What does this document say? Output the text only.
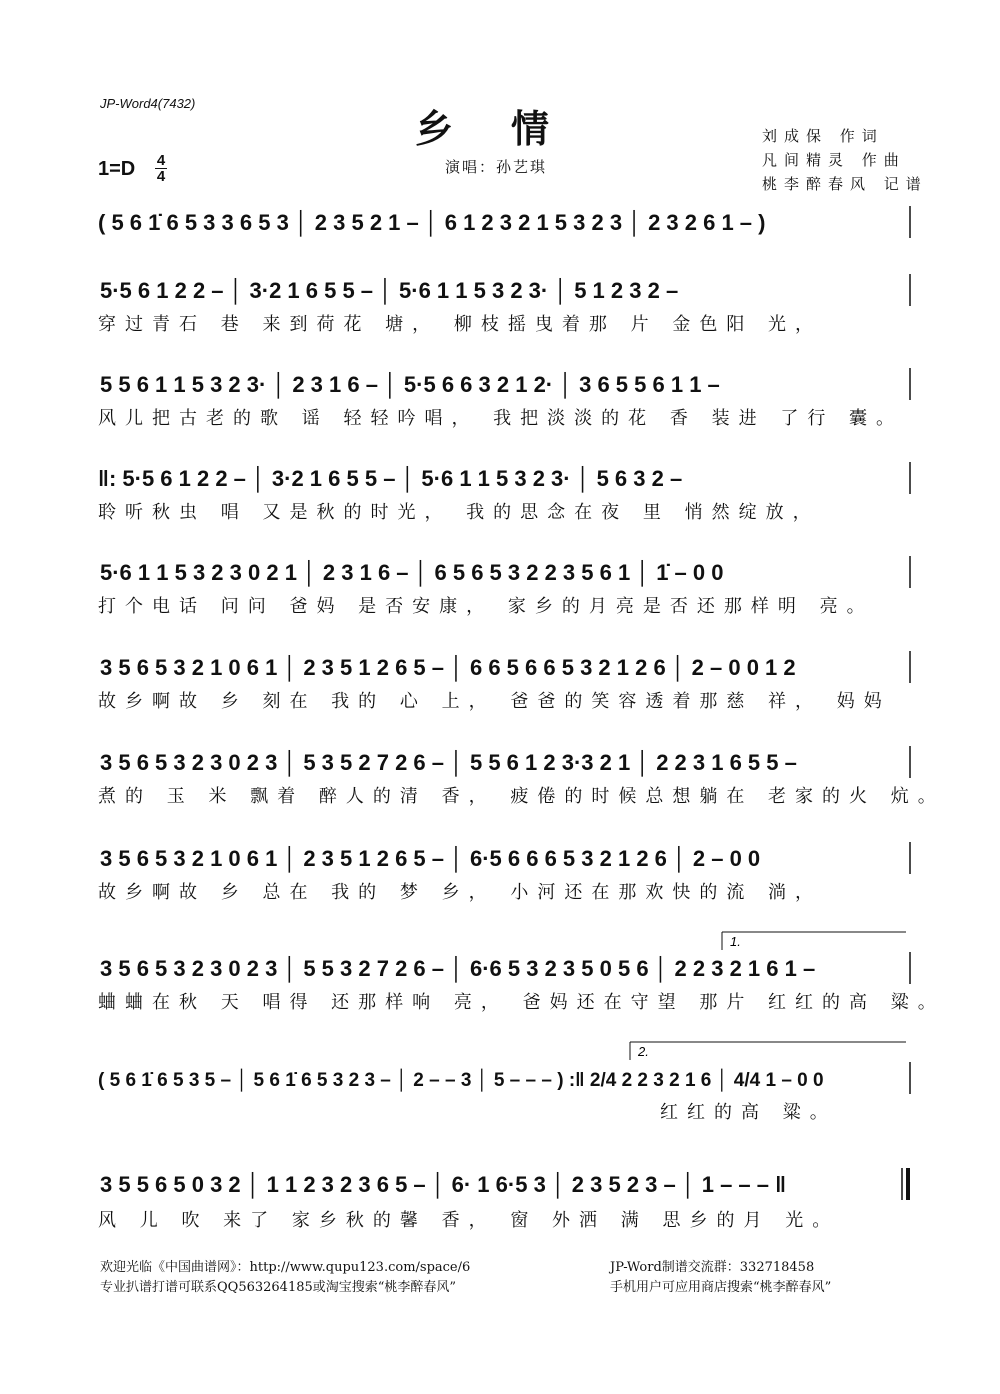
JP-Word4(7432)
乡情	刘成保 作词
凡间精灵 作曲
桃李醉春风 记谱
1=D 4
4
演唱：孙艺琪
( 5 6 1̇ 6 5 3 3 6 5 3 │ 2 3 5 2 1 – │ 6 1 2 3 2 1 5 3 2 3 │ 2 3 2 6 1 – )
5·5 6 1 2 2 – │ 3·2 1 6 5 5 – │ 5·6 1 1 5 3 2 3· │ 5 1 2 3 2 –
穿过青石 巷 来到荷花 塘， 柳枝摇曳着那 片 金色阳 光，
5 5 6 1 1 5 3 2 3· │ 2 3 1 6 – │ 5·5 6 6 3 2 1 2· │ 3 6 5 5 6 1 1 –
风儿把古老的歌 谣 轻轻吟唱， 我把淡淡的花 香 装进 了行 囊。
‖: 5·5 6 1 2 2 – │ 3·2 1 6 5 5 – │ 5·6 1 1 5 3 2 3· │ 5 6 3 2 –
聆听秋虫 唱 又是秋的时光， 我的思念在夜 里 悄然绽放，
5·6 1 1 5 3 2 3 0 2 1 │ 2 3 1 6 – │ 6 5 6 5 3 2 2 3 5 6 1 │ 1̇ – 0 0
打个电话 问问 爸妈 是否安康， 家乡的月亮是否还那样明 亮。
3 5 6 5 3 2 1 0 6 1 │ 2 3 5 1 2 6 5 – │ 6 6 5 6 6 5 3 2 1 2 6 │ 2 – 0 0 1 2
故乡啊故 乡 刻在 我的 心 上， 爸爸的笑容透着那慈 祥， 妈妈
3 5 6 5 3 2 3 0 2 3 │ 5 3 5 2 7 2 6 – │ 5 5 6 1 2 3·3 2 1 │ 2 2 3 1 6 5 5 –
煮的 玉 米 飘着 醉人的清 香， 疲倦的时候总想躺在 老家的火 炕。
3 5 6 5 3 2 1 0 6 1 │ 2 3 5 1 2 6 5 – │ 6·5 6 6 6 5 3 2 1 2 6 │ 2 – 0 0
故乡啊故 乡 总在 我的 梦 乡， 小河还在那欢快的流 淌，
1.
3 5 6 5 3 2 3 0 2 3 │ 5 5 3 2 7 2 6 – │ 6·6 5 3 2 3 5 0 5 6 │ 2 2 3 2 1 6 1 –
蛐蛐在秋 天 唱得 还那样响 亮， 爸妈还在守望 那片 红红的高 粱。
2.
( 5 6 1̇ 6 5 3 5 – │ 5 6 1̇ 6 5 3 2 3 – │ 2 – – 3 │ 5 – – – ) :‖ 2/4 2 2 3 2 1 6 │ 4/4 1 – 0 0
红红的高 粱。
3 5 5 6 5 0 3 2 │ 1 1 2 3 2 3 6 5 – │ 6· 1 6·5 3 │ 2 3 5 2 3 – │ 1 – – – ‖
风 儿 吹 来了 家乡秋的馨 香， 窗 外洒 满 思乡的月 光。
欢迎光临《中国曲谱网》：http://www.qupu123.com/space/6
专业扒谱打谱可联系QQ563264185或淘宝搜索“桃李醉春风”
JP-Word制谱交流群：332718458
手机用户可应用商店搜索“桃李醉春风”
